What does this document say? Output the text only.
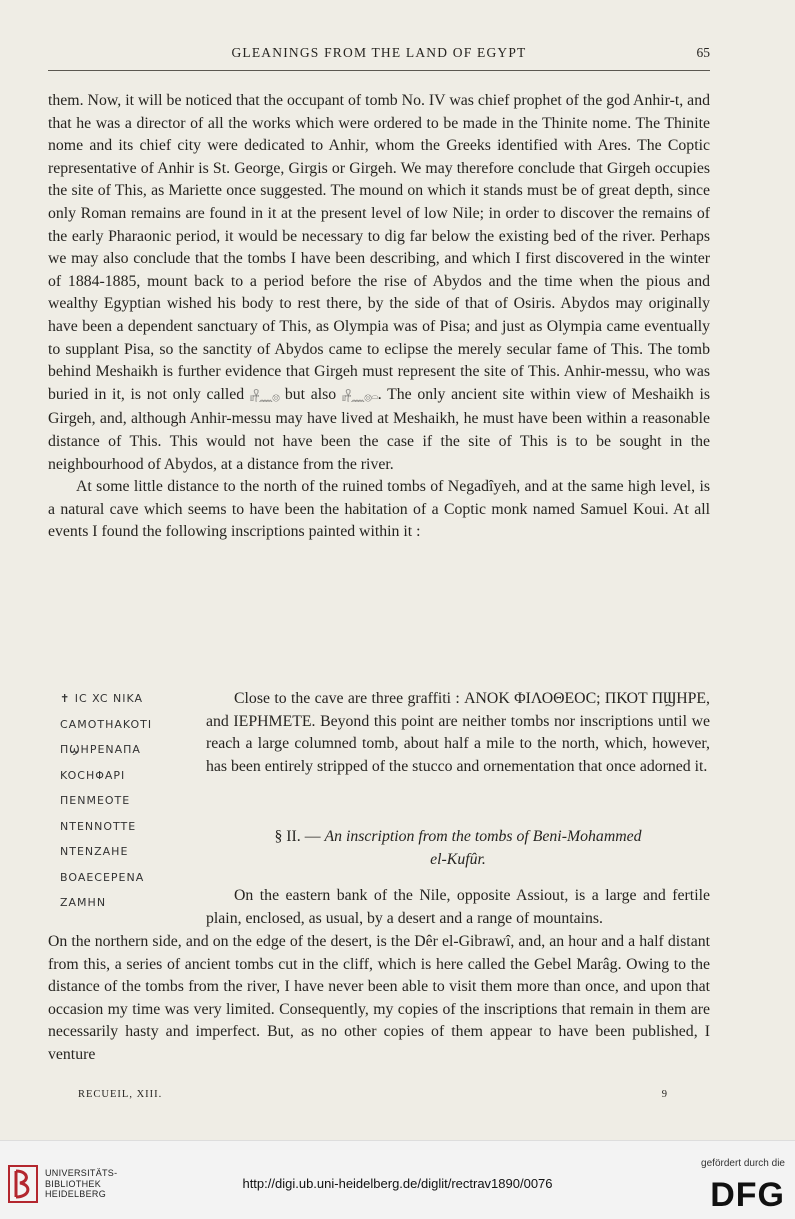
GLEANINGS FROM THE LAND OF EGYPT	65

them. Now, it will be noticed that the occupant of tomb No. IV was chief prophet of the god Anhir-t, and that he was a director of all the works which were ordered to be made in the Thinite nome. The Thinite nome and its chief city were dedicated to Anhir, whom the Greeks identified with Ares. The Coptic representative of Anhir is St. George, Girgis or Girgeh. We may therefore conclude that Girgeh occupies the site of This, as Mariette once suggested. The mound on which it stands must be of great depth, since only Roman remains are found in it at the present level of low Nile; in order to discover the remains of the early Pharaonic period, it would be necessary to dig far below the existing bed of the river. Perhaps we may also conclude that the tombs I have been describing, and which I first discovered in the winter of 1884-1885, mount back to a period before the rise of Abydos and the time when the pious and wealthy Egyptian wished his body to rest there, by the side of that of Osiris. Abydos may originally have been a dependent sanctuary of This, as Olympia was of Pisa; and just as Olympia came eventually to supplant Pisa, so the sanctity of Abydos came to eclipse the merely secular fame of This. The tomb behind Meshaikh is further evidence that Girgeh must represent the site of This. Anhir-messu, who was buried in it, is not only called 𓏤𓏤𓋹𓈖𓊖 but also 𓏤𓏤𓋹𓈖𓊖𓏏. The only ancient site within view of Meshaikh is Girgeh, and, although Anhir-messu may have lived at Meshaikh, he must have been within a reasonable distance of This. This would not have been the case if the site of This is to be sought in the neighbourhood of Abydos, at a distance from the river.

At some little distance to the north of the ruined tombs of Negadîyeh, and at the same high level, is a natural cave which seems to have been the habitation of a Coptic monk named Samuel Koui. At all events I found the following inscriptions painted within it :

✝ IC XC NIKA
CAMOTHAKOTI
ПϢHPENAПA
KOCHΦAPI
ПENMEOTE
NTENNOTTE
NTENZAHE
BOAECEPENA
ZAMHN
Close to the cave are three graffiti : ΑΝΟΚ ΦΙΛΟΘΕΟϹ; ΠΚΟΤ ΠϢΗΡΕ, and ΙΕΡΗΜΕΤΕ. Beyond this point are neither tombs nor inscriptions until we reach a large columned tomb, about half a mile to the north, which, however, has been entirely stripped of the stucco and ornementation that once adorned it.
§ II. — An inscription from the tombs of Beni-Mohammed
el-Kufûr.
On the eastern bank of the Nile, opposite Assiout, is a large and fertile plain, enclosed, as usual, by a desert and a range of mountains.
On the northern side, and on the edge of the desert, is the Dêr el-Gibrawî, and, an hour and a half distant from this, a series of ancient tombs cut in the cliff, which is here called the Gebel Marâg. Owing to the distance of the tombs from the river, I have never been able to visit them more than once, and upon that occasion my time was very limited. Consequently, my copies of the inscriptions that remain in them are necessarily hasty and imperfect. But, as no other copies of them appear to have been published, I venture
RECUEIL, XIII.	9
UNIVERSITÄTS-
BIBLIOTHEK
HEIDELBERG
http://digi.ub.uni-heidelberg.de/diglit/rectrav1890/0076
gefördert durch die
DFG
